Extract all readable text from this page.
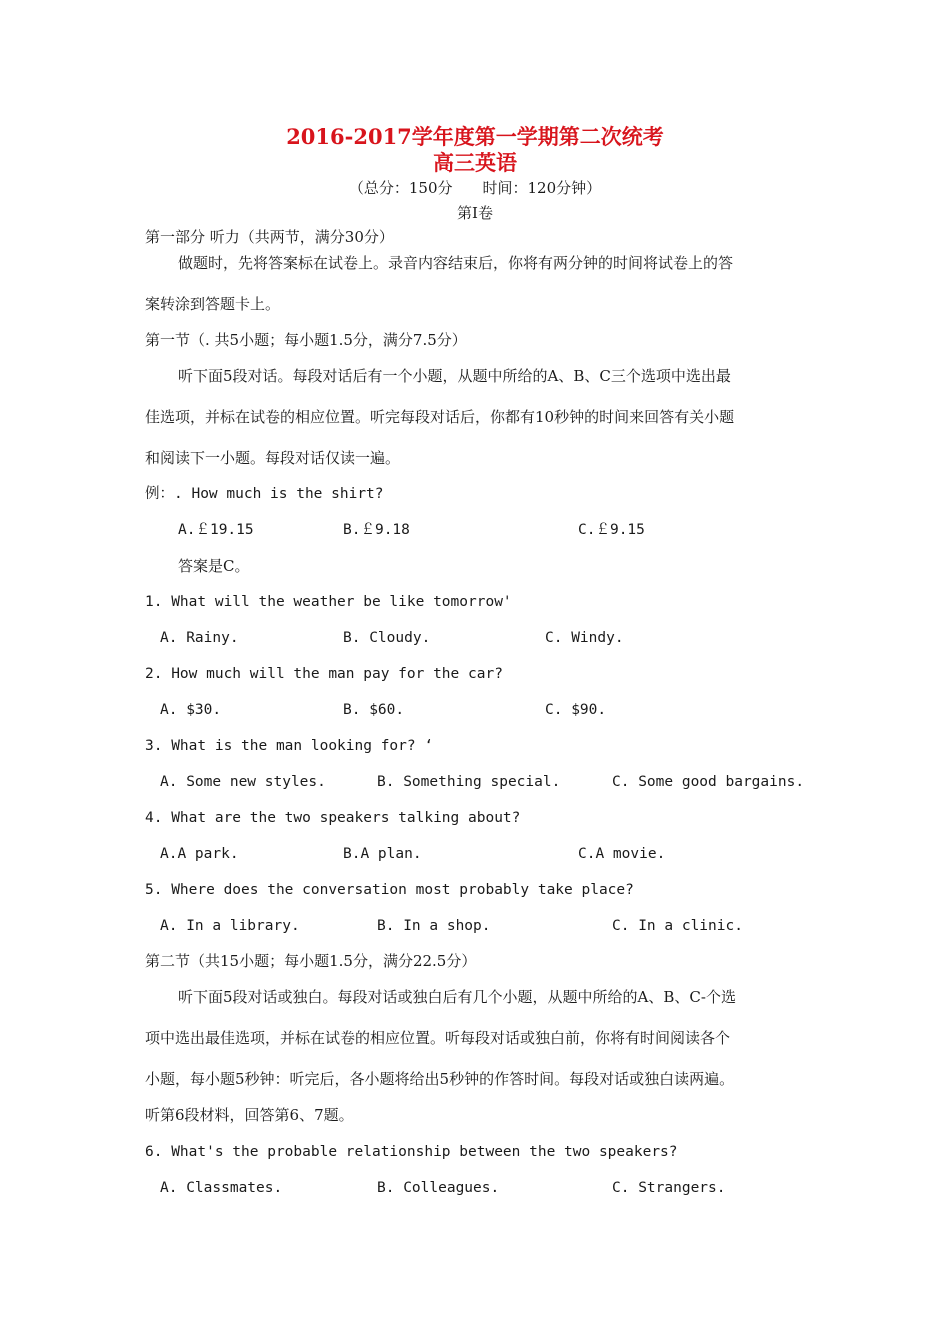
2016-2017学年度第一学期第二次统考
高三英语
（总分：150分　　时间：120分钟）
第Ⅰ卷
第一部分 听力（共两节，满分30分）
做题时，先将答案标在试卷上。录音内容结束后，你将有两分钟的时间将试卷上的答
案转涂到答题卡上。
第一节（. 共5小题；每小题1.5分，满分7.5分）
听下面5段对话。每段对话后有一个小题，从题中所给的A、B、C三个选项中选出最
佳选项，并标在试卷的相应位置。听完每段对话后，你都有10秒钟的时间来回答有关小题
和阅读下一小题。每段对话仅读一遍。
例：. How much is the shirt?
A.￡19.15	B.￡9.18	C.￡9.15
答案是C。
1. What will the weather be like tomorrow'
A. Rainy.	B. Cloudy.	C. Windy.
2. How much will the man pay for the car?
A. $30.	B. $60.	C. $90.
3. What is the man looking for? ‘
A. Some new styles.	B. Something special.	C. Some good bargains.
4. What are the two speakers talking about?
A.A park.	B.A plan.	C.A movie.
5. Where does the conversation most probably take place?
A. In a library.	B. In a shop.	C. In a clinic.
第二节（共15小题；每小题1.5分，满分22.5分）
听下面5段对话或独白。每段对话或独白后有几个小题，从题中所给的A、B、C-个选
项中选出最佳选项，并标在试卷的相应位置。听每段对话或独白前，你将有时间阅读各个
小题，每小题5秒钟：听完后，各小题将给出5秒钟的作答时间。每段对话或独白读两遍。
听第6段材料，回答第6、7题。
6. What's the probable relationship between the two speakers?
A. Classmates.	B. Colleagues.	C. Strangers.
